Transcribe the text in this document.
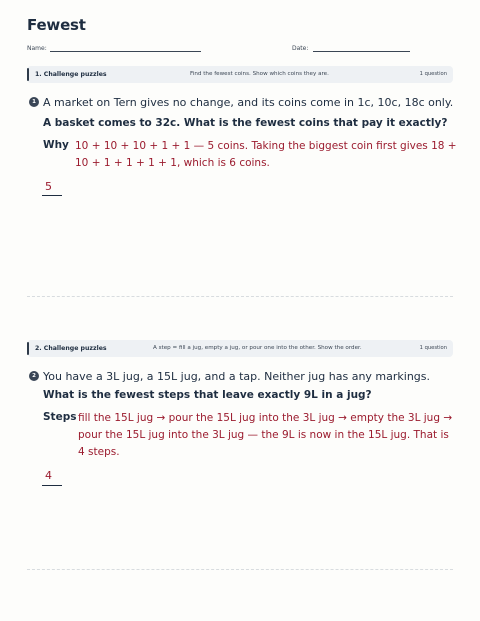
Fewest
Name:	Date:
1. Challenge puzzles	Find the fewest coins. Show which coins they are.	1 question
1 A market on Tern gives no change, and its coins come in 1c, 10c, 18c only.
A basket comes to 32c. What is the fewest coins that pay it exactly?
Why 10 + 10 + 10 + 1 + 1 — 5 coins. Taking the biggest coin first gives 18 + 10 + 1 + 1 + 1 + 1, which is 6 coins.
5
2. Challenge puzzles	A step = fill a jug, empty a jug, or pour one into the other. Show the order.	1 question
2 You have a 3L jug, a 15L jug, and a tap. Neither jug has any markings.
What is the fewest steps that leave exactly 9L in a jug?
Steps fill the 15L jug → pour the 15L jug into the 3L jug → empty the 3L jug → pour the 15L jug into the 3L jug — the 9L is now in the 15L jug. That is 4 steps.
4
